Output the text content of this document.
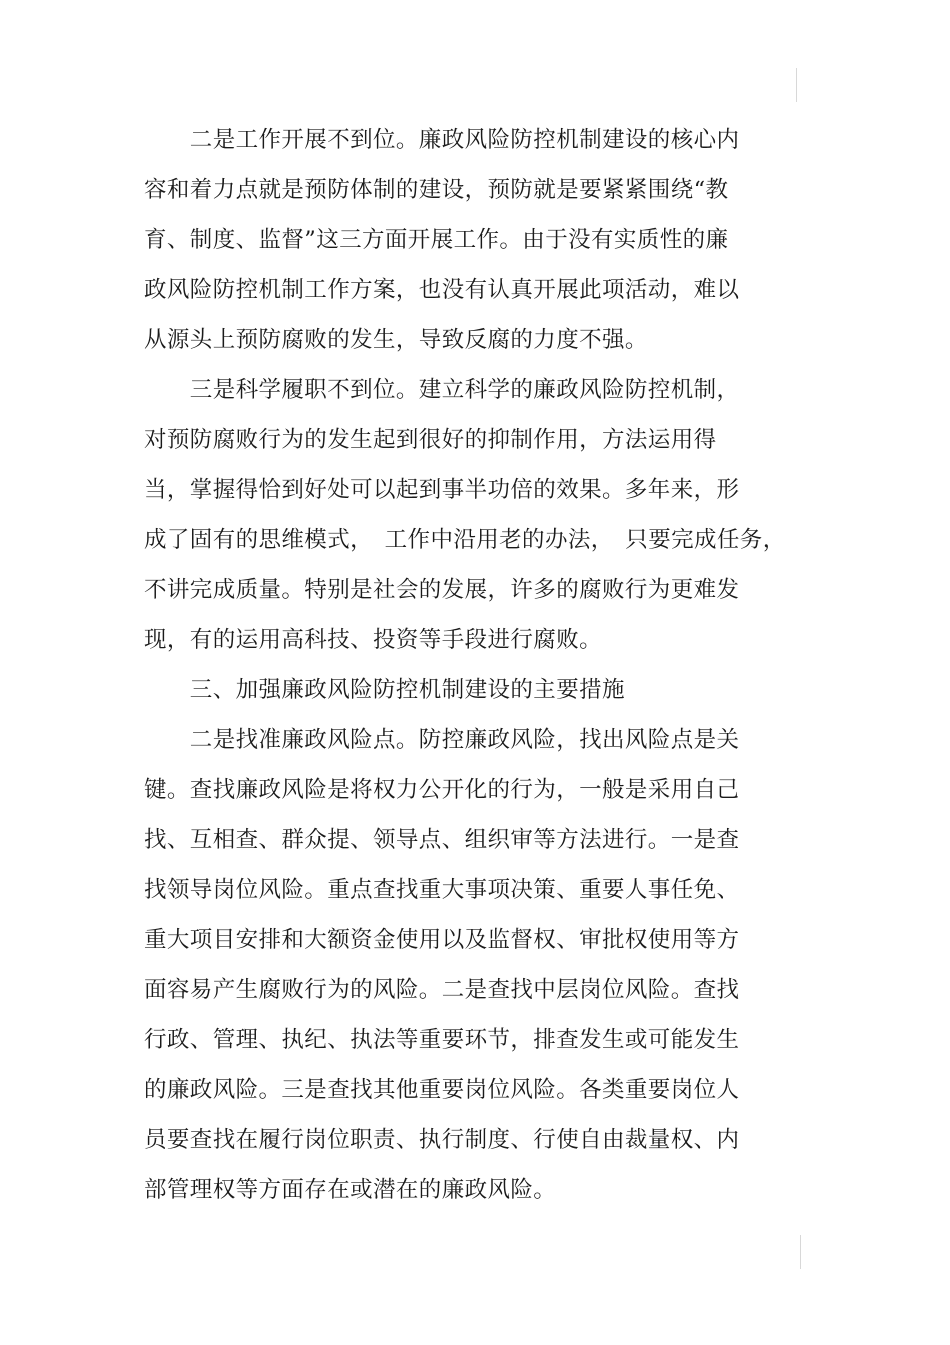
　　二是工作开展不到位。廉政风险防控机制建设的核心内
容和着力点就是预防体制的建设，预防就是要紧紧围绕“教
育、制度、监督”这三方面开展工作。由于没有实质性的廉
政风险防控机制工作方案，也没有认真开展此项活动，难以
从源头上预防腐败的发生，导致反腐的力度不强。
　　三是科学履职不到位。建立科学的廉政风险防控机制，
对预防腐败行为的发生起到很好的抑制作用，方法运用得
当，掌握得恰到好处可以起到事半功倍的效果。多年来，形
成了固有的思维模式，　工作中沿用老的办法，　只要完成任务，
不讲完成质量。特别是社会的发展，许多的腐败行为更难发
现，有的运用高科技、投资等手段进行腐败。
　　三、加强廉政风险防控机制建设的主要措施
　　二是找准廉政风险点。防控廉政风险，找出风险点是关
键。查找廉政风险是将权力公开化的行为，一般是采用自己
找、互相查、群众提、领导点、组织审等方法进行。一是查
找领导岗位风险。重点查找重大事项决策、重要人事任免、
重大项目安排和大额资金使用以及监督权、审批权使用等方
面容易产生腐败行为的风险。二是查找中层岗位风险。查找
行政、管理、执纪、执法等重要环节，排查发生或可能发生
的廉政风险。三是查找其他重要岗位风险。各类重要岗位人
员要查找在履行岗位职责、执行制度、行使自由裁量权、内
部管理权等方面存在或潜在的廉政风险。
